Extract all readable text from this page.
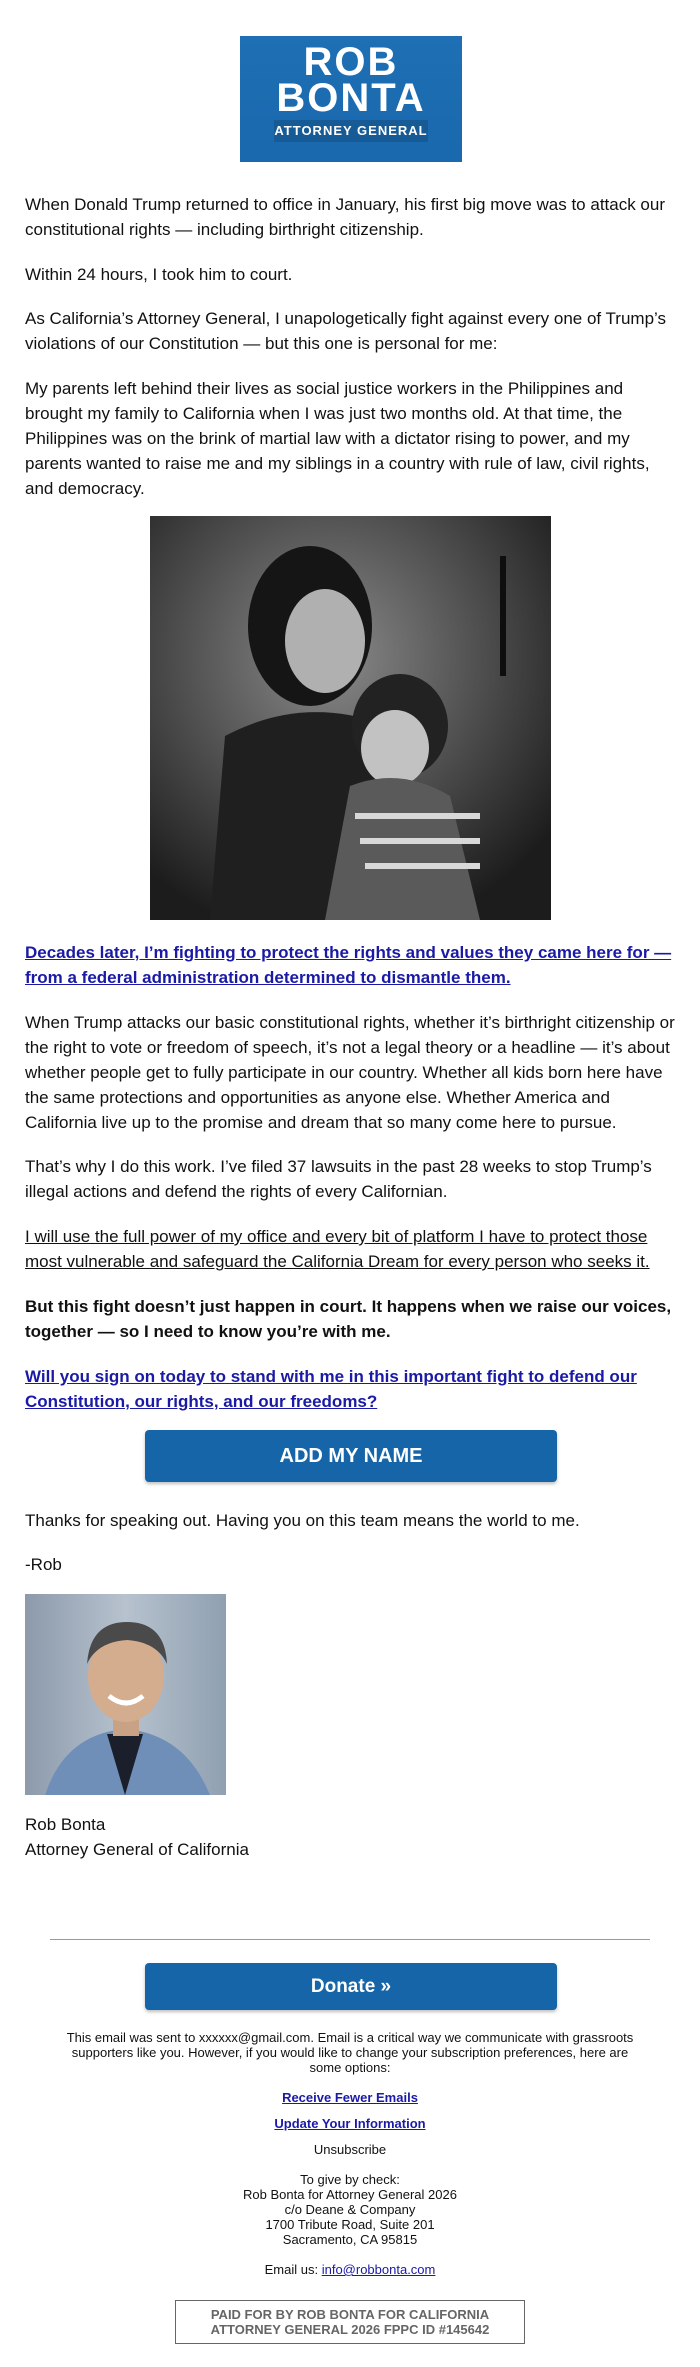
ROB
BONTA
ATTORNEY GENERAL

When Donald Trump returned to office in January, his first big move was to attack our constitutional rights — including birthright citizenship.

Within 24 hours, I took him to court.

As California’s Attorney General, I unapologetically fight against every one of Trump’s violations of our Constitution — but this one is personal for me:

My parents left behind their lives as social justice workers in the Philippines and brought my family to California when I was just two months old. At that time, the Philippines was on the brink of martial law with a dictator rising to power, and my parents wanted to raise me and my siblings in a country with rule of law, civil rights, and democracy.

Decades later, I’m fighting to protect the rights and values they came here for — from a federal administration determined to dismantle them.

When Trump attacks our basic constitutional rights, whether it’s birthright citizenship or the right to vote or freedom of speech, it’s not a legal theory or a headline — it’s about whether people get to fully participate in our country. Whether all kids born here have the same protections and opportunities as anyone else. Whether America and California live up to the promise and dream that so many come here to pursue.

That’s why I do this work. I’ve filed 37 lawsuits in the past 28 weeks to stop Trump’s illegal actions and defend the rights of every Californian.

I will use the full power of my office and every bit of platform I have to protect those most vulnerable and safeguard the California Dream for every person who seeks it.

But this fight doesn’t just happen in court. It happens when we raise our voices, together — so I need to know you’re with me.

Will you sign on today to stand with me in this important fight to defend our Constitution, our rights, and our freedoms?

ADD MY NAME

Thanks for speaking out. Having you on this team means the world to me.

-Rob

Rob Bonta

Attorney General of California

Donate »
This email was sent to xxxxxx@gmail.com. Email is a critical way we communicate with grassroots supporters like you. However, if you would like to change your subscription preferences, here are some options:
Receive Fewer Emails
Update Your Information
Unsubscribe
To give by check:
Rob Bonta for Attorney General 2026
c/o Deane & Company
1700 Tribute Road, Suite 201
Sacramento, CA 95815
Email us: info@robbonta.com
PAID FOR BY ROB BONTA FOR CALIFORNIA
ATTORNEY GENERAL 2026 FPPC ID #145642
